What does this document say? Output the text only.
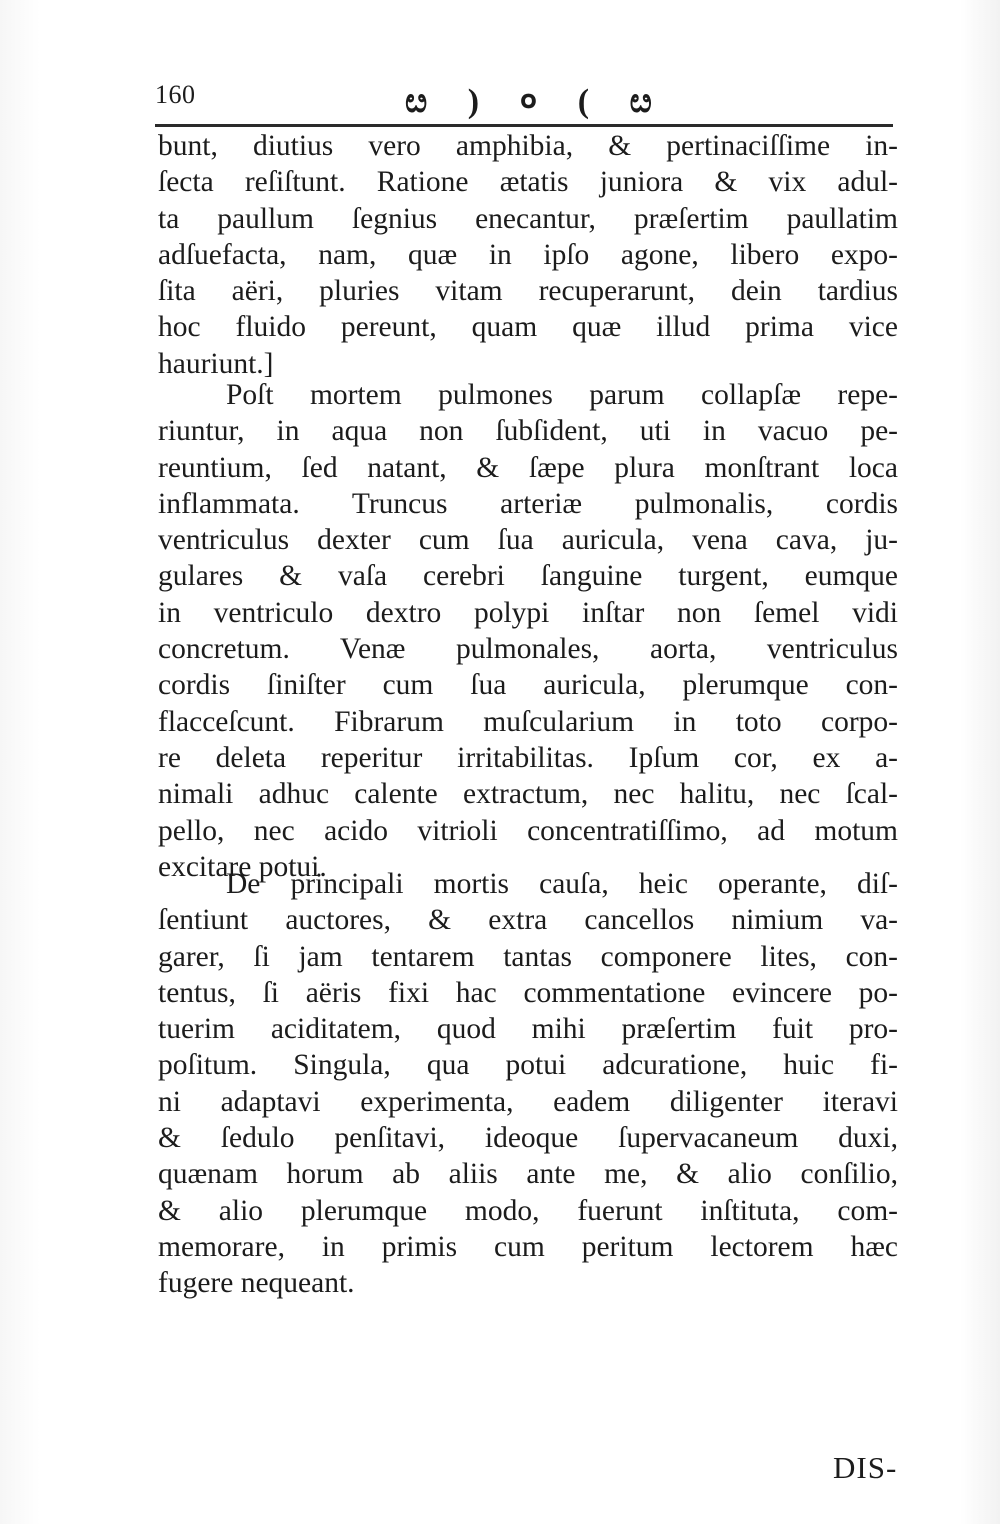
160	ೞ ) ० ( ೞ
bunt, diutius vero amphibia, & pertinaciſſime in-
ſecta reſiſtunt. Ratione ætatis juniora & vix adul-
ta paullum ſegnius enecantur, præſertim paullatim
adſuefacta, nam, quæ in ipſo agone, libero expo-
ſita aëri, pluries vitam recuperarunt, dein tardius
hoc fluido pereunt, quam quæ illud prima vice
hauriunt.]
Poſt mortem pulmones parum collapſæ repe-
riuntur, in aqua non ſubſident, uti in vacuo pe-
reuntium, ſed natant, & ſæpe plura monſtrant loca
inflammata. Truncus arteriæ pulmonalis, cordis
ventriculus dexter cum ſua auricula, vena cava, ju-
gulares & vaſa cerebri ſanguine turgent, eumque
in ventriculo dextro polypi inſtar non ſemel vidi
concretum. Venæ pulmonales, aorta, ventriculus
cordis ſiniſter cum ſua auricula, plerumque con-
flacceſcunt. Fibrarum muſcularium in toto corpo-
re deleta reperitur irritabilitas. Ipſum cor, ex a-
nimali adhuc calente extractum, nec halitu, nec ſcal-
pello, nec acido vitrioli concentratiſſimo, ad motum
excitare potui.
De principali mortis cauſa, heic operante, diſ-
ſentiunt auctores, & extra cancellos nimium va-
garer, ſi jam tentarem tantas componere lites, con-
tentus, ſi aëris fixi hac commentatione evincere po-
tuerim aciditatem, quod mihi præſertim fuit pro-
poſitum. Singula, qua potui adcuratione, huic fi-
ni adaptavi experimenta, eadem diligenter iteravi
& ſedulo penſitavi, ideoque ſupervacaneum duxi,
quænam horum ab aliis ante me, & alio conſilio,
& alio plerumque modo, fuerunt inſtituta, com-
memorare, in primis cum peritum lectorem hæc
fugere nequeant.
DIS-
